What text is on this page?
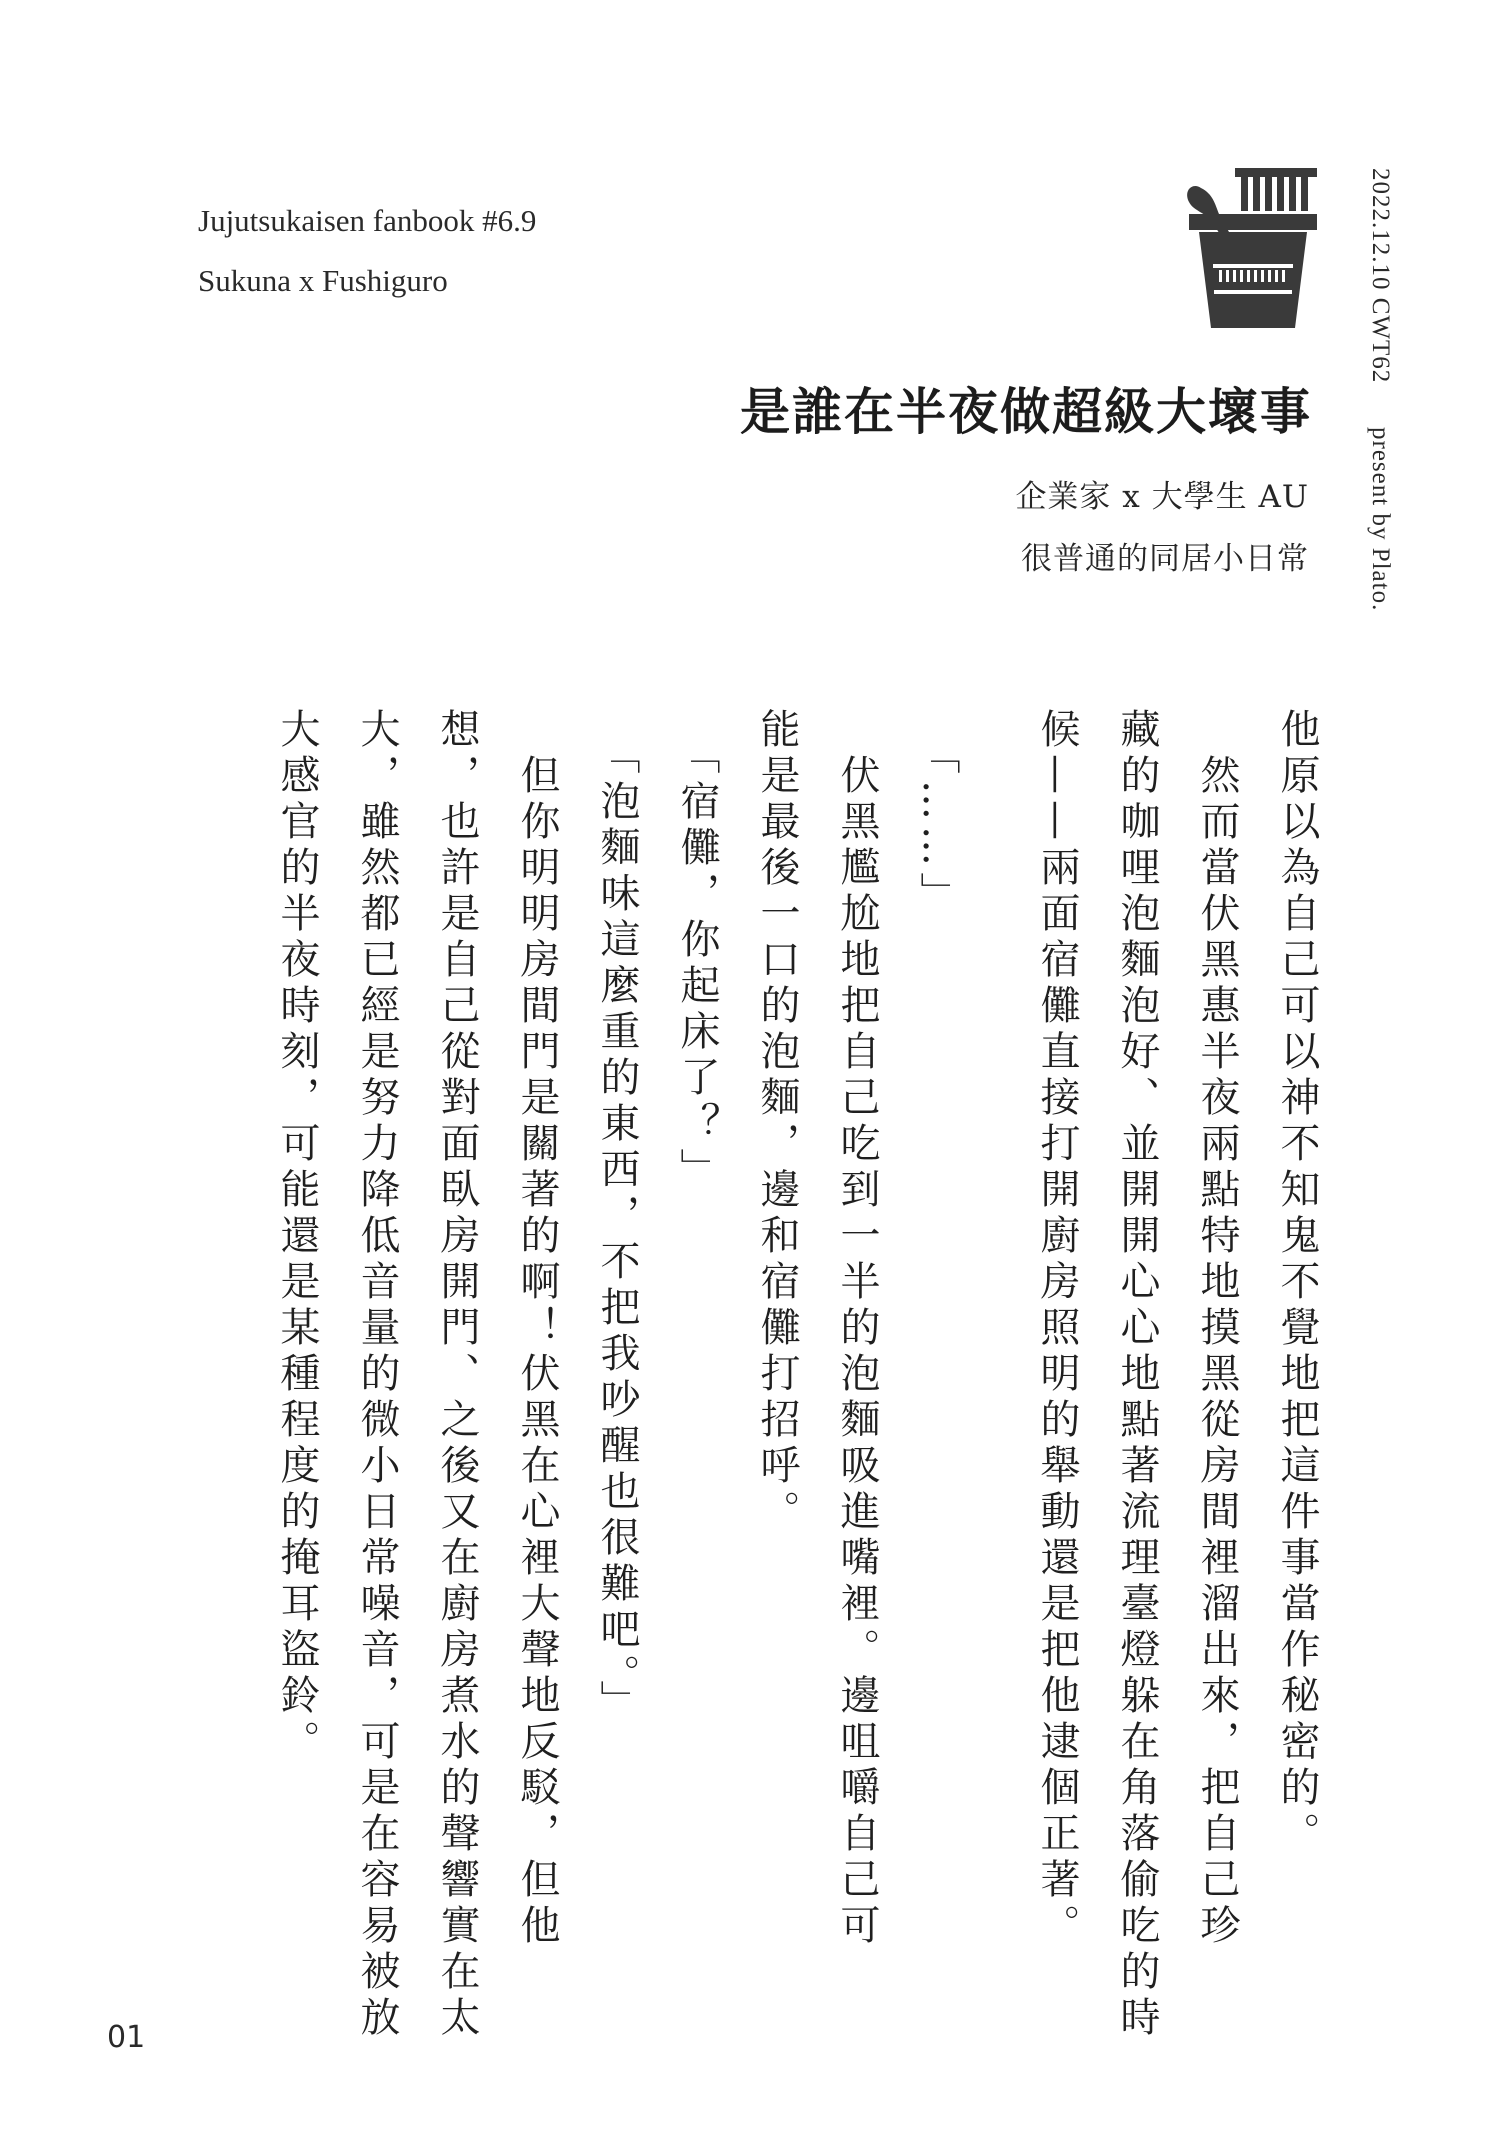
Jujutsukaisen fanbook #6.9
Sukuna x Fushiguro	2022.12.10 CWT62present by Plato.
是誰在半夜做超級大壞事
企業家 x 大學生 AU
很普通的同居小日常
他原以為自己可以神不知鬼不覺地把這件事當作秘密的。
　然而當伏黑惠半夜兩點特地摸黑從房間裡溜出來，把自己珍
藏的咖哩泡麵泡好、並開開心心地點著流理臺燈躲在角落偷吃的時
候——兩面宿儺直接打開廚房照明的舉動還是把他逮個正著。
　「……」
　伏黑尷尬地把自己吃到一半的泡麵吸進嘴裡。邊咀嚼自己可
能是最後一口的泡麵，邊和宿儺打招呼。
　「宿儺，你起床了？」
　「泡麵味這麼重的東西，不把我吵醒也很難吧。」
　但你明明房間門是關著的啊！伏黑在心裡大聲地反駁，但他
想，也許是自己從對面臥房開門、之後又在廚房煮水的聲響實在太
大，雖然都已經是努力降低音量的微小日常噪音，可是在容易被放
大感官的半夜時刻，可能還是某種程度的掩耳盜鈴。
01
